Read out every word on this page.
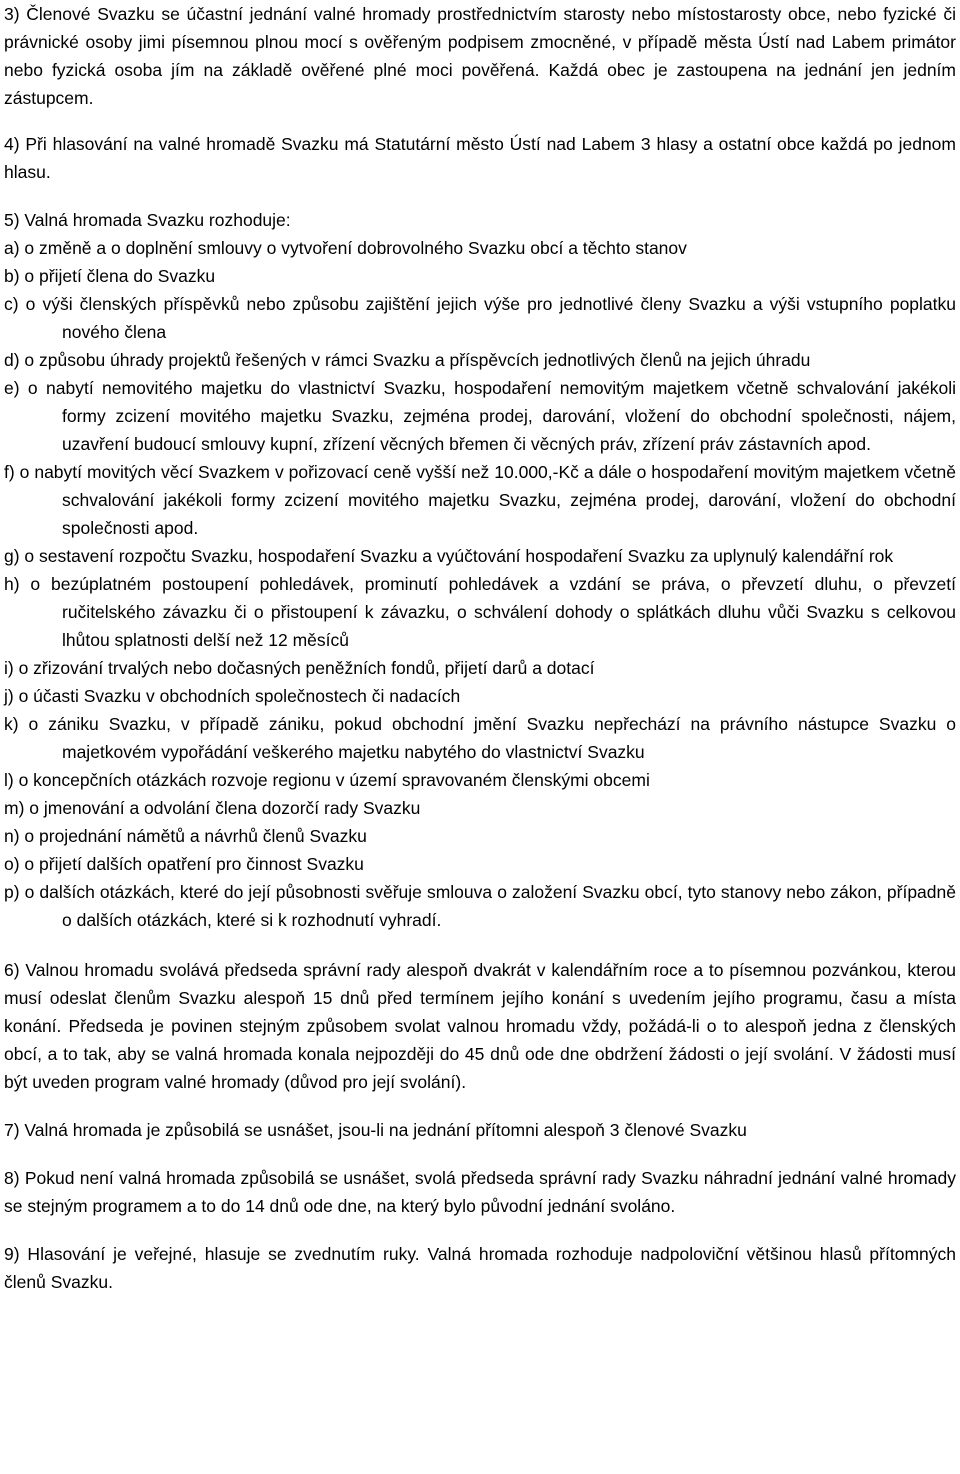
3) Členové Svazku se účastní jednání valné hromady prostřednictvím starosty nebo místostarosty obce, nebo fyzické či právnické osoby jimi písemnou plnou mocí s ověřeným podpisem zmocněné, v případě města Ústí nad Labem primátor nebo fyzická osoba jím na základě ověřené plné moci pověřená. Každá obec je zastoupena na jednání jen jedním zástupcem.

4) Při hlasování na valné hromadě Svazku má Statutární město Ústí nad Labem 3 hlasy a ostatní obce každá po jednom hlasu.

5) Valná hromada Svazku rozhoduje:

a) o změně a o doplnění smlouvy o vytvoření dobrovolného Svazku obcí a těchto stanov
b) o přijetí člena do Svazku
c) o výši členských příspěvků nebo způsobu zajištění jejich výše pro jednotlivé členy Svazku a výši vstupního poplatku nového člena
d) o způsobu úhrady projektů řešených v rámci Svazku a příspěvcích jednotlivých členů na jejich úhradu
e) o nabytí nemovitého majetku do vlastnictví Svazku, hospodaření nemovitým majetkem včetně schvalování jakékoli formy zcizení movitého majetku Svazku, zejména prodej, darování, vložení do obchodní společnosti, nájem, uzavření budoucí smlouvy kupní, zřízení věcných břemen či věcných práv, zřízení práv zástavních apod.
f) o nabytí movitých věcí Svazkem v pořizovací ceně vyšší než 10.000,-Kč a dále o hospodaření movitým majetkem včetně schvalování jakékoli formy zcizení movitého majetku Svazku, zejména prodej, darování, vložení do obchodní společnosti apod.
g) o sestavení rozpočtu Svazku, hospodaření Svazku a vyúčtování hospodaření Svazku za uplynulý kalendářní rok
h) o bezúplatném postoupení pohledávek, prominutí pohledávek a vzdání se práva, o převzetí dluhu, o převzetí ručitelského závazku či o přistoupení k závazku, o schválení dohody o splátkách dluhu vůči Svazku s celkovou lhůtou splatnosti delší než 12 měsíců
i) o zřizování trvalých nebo dočasných peněžních fondů, přijetí darů a dotací
j) o účasti Svazku v obchodních společnostech či nadacích
k) o zániku Svazku, v případě zániku, pokud obchodní jmění Svazku nepřechází na právního nástupce Svazku o majetkovém vypořádání veškerého majetku nabytého do vlastnictví Svazku
l) o koncepčních otázkách rozvoje regionu v území spravovaném členskými obcemi
m) o jmenování a odvolání člena dozorčí rady Svazku
n) o projednání námětů a návrhů členů Svazku
o) o přijetí dalších opatření pro činnost Svazku
p) o dalších otázkách, které do její působnosti svěřuje smlouva o založení Svazku obcí, tyto stanovy nebo zákon, případně o dalších otázkách, které si k rozhodnutí vyhradí.

6) Valnou hromadu svolává předseda správní rady alespoň dvakrát v kalendářním roce a to písemnou pozvánkou, kterou musí odeslat členům Svazku alespoň 15 dnů před termínem jejího konání s uvedením jejího programu, času a místa konání. Předseda je povinen stejným způsobem svolat valnou hromadu vždy, požádá-li o to alespoň jedna z členských obcí, a to tak, aby se valná hromada konala nejpozději do 45 dnů ode dne obdržení žádosti o její svolání. V žádosti musí být uveden program valné hromady (důvod pro její svolání).

7) Valná hromada je způsobilá se usnášet, jsou-li na jednání přítomni alespoň 3 členové Svazku

8) Pokud není valná hromada způsobilá se usnášet, svolá předseda správní rady Svazku náhradní jednání valné hromady se stejným programem a to do 14 dnů ode dne, na který bylo původní jednání svoláno.

9) Hlasování je veřejné, hlasuje se zvednutím ruky. Valná hromada rozhoduje nadpoloviční většinou hlasů přítomných členů Svazku.
